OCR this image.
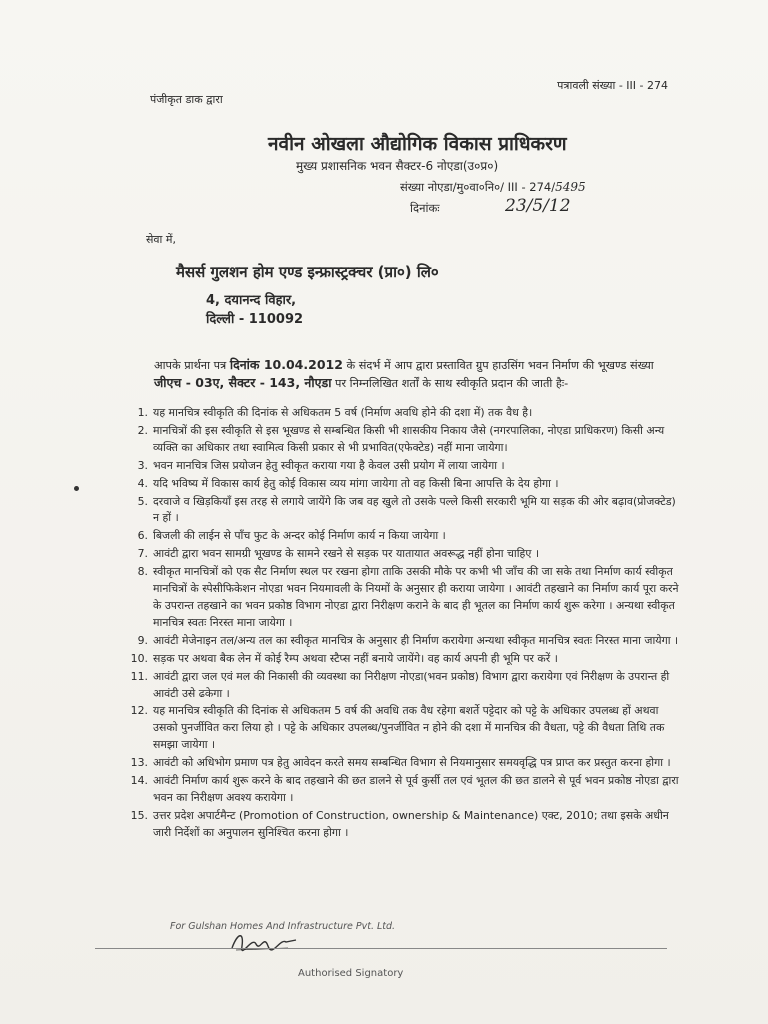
पत्रावली संख्या - III - 274
पंजीकृत डाक द्वारा
नवीन ओखला औद्योगिक विकास प्राधिकरण
मुख्य प्रशासनिक भवन सैक्टर-6 नोएडा(उ०प्र०)
संख्या नोएडा/मु०वा०नि०/ III - 274/5495
दिनांकः	23/5/12
सेवा में,
मैसर्स गुलशन होम एण्ड इन्फ्रास्ट्रक्चर (प्रा०) लि०
4, दयानन्द विहार,
दिल्ली - 110092
आपके प्रार्थना पत्र दिनांक 10.04.2012 के संदर्भ में आप द्वारा प्रस्तावित ग्रुप हाउसिंग भवन निर्माण की भूखण्ड संख्या जीएच - 03ए, सैक्टर - 143, नौएडा पर निम्नलिखित शर्तों के साथ स्वीकृति प्रदान की जाती हैः-
1. यह मानचित्र स्वीकृति की दिनांक से अधिकतम 5 वर्ष (निर्माण अवधि होने की दशा में) तक वैध है।
2. मानचित्रों की इस स्वीकृति से इस भूखण्ड से सम्बन्धित किसी भी शासकीय निकाय जैसे (नगरपालिका, नोएडा प्राधिकरण) किसी अन्य व्यक्ति का अधिकार तथा स्वामित्व किसी प्रकार से भी प्रभावित(एफेक्टेड) नहीं माना जायेगा।
3. भवन मानचित्र जिस प्रयोजन हेतु स्वीकृत कराया गया है केवल उसी प्रयोग में लाया जायेगा ।
4. यदि भविष्य में विकास कार्य हेतु कोई विकास व्यय मांगा जायेगा तो वह किसी बिना आपत्ति के देय होगा ।
5. दरवाजे व खिड़कियाँ इस तरह से लगाये जायेंगे कि जब वह खुले तो उसके पल्ले किसी सरकारी भूमि या सड़क की ओर बढ़ाव(प्रोजक्टेड) न हों ।
6. बिजली की लाईन से पाँच फुट के अन्दर कोई निर्माण कार्य न किया जायेगा ।
7. आवंटी द्वारा भवन सामग्री भूखण्ड के सामने रखने से सड़क पर यातायात अवरूद्ध नहीं होना चाहिए ।
8. स्वीकृत मानचित्रों को एक सैट निर्माण स्थल पर रखना होगा ताकि उसकी मौके पर कभी भी जाँच की जा सके तथा निर्माण कार्य स्वीकृत मानचित्रों के स्पेसीफिकेशन नोएडा भवन नियमावली के नियमों के अनुसार ही कराया जायेगा । आवंटी तहखाने का निर्माण कार्य पूरा करने के उपरान्त तहखाने का भवन प्रकोष्ठ विभाग नोएडा द्वारा निरीक्षण कराने के बाद ही भूतल का निर्माण कार्य शुरू करेगा । अन्यथा स्वीकृत मानचित्र स्वतः निरस्त माना जायेगा ।
9. आवंटी मेजेनाइन तल/अन्य तल का स्वीकृत मानचित्र के अनुसार ही निर्माण करायेगा अन्यथा स्वीकृत मानचित्र स्वतः निरस्त माना जायेगा ।
10. सड़क पर अथवा बैक लेन में कोई रैम्प अथवा स्टैप्स नहीं बनाये जायेंगे। वह कार्य अपनी ही भूमि पर करें ।
11. आवंटी द्वारा जल एवं मल की निकासी की व्यवस्था का निरीक्षण नोएडा(भवन प्रकोष्ठ) विभाग द्वारा करायेगा एवं निरीक्षण के उपरान्त ही आवंटी उसे ढकेगा ।
12. यह मानचित्र स्वीकृति की दिनांक से अधिकतम 5 वर्ष की अवधि तक वैध रहेगा बशर्ते पट्टेदार को पट्टे के अधिकार उपलब्ध हों अथवा उसको पुनर्जीवित करा लिया हो । पट्टे के अधिकार उपलब्ध/पुनर्जीवित न होने की दशा में मानचित्र की वैधता, पट्टे की वैधता तिथि तक समझा जायेगा ।
13. आवंटी को अधिभोग प्रमाण पत्र हेतु आवेदन करते समय सम्बन्धित विभाग से नियमानुसार समयवृद्धि पत्र प्राप्त कर प्रस्तुत करना होगा ।
14. आवंटी निर्माण कार्य शुरू करने के बाद तहखाने की छत डालने से पूर्व कुर्सी तल एवं भूतल की छत डालने से पूर्व भवन प्रकोष्ठ नोएडा द्वारा भवन का निरीक्षण अवश्य करायेगा ।
15. उत्तर प्रदेश अपार्टमैन्ट (Promotion of Construction, ownership & Maintenance) एक्ट, 2010; तथा इसके अधीन जारी निर्देशों का अनुपालन सुनिश्चित करना होगा ।
For Gulshan Homes And Infrastructure Pvt. Ltd.
Authorised Signatory
